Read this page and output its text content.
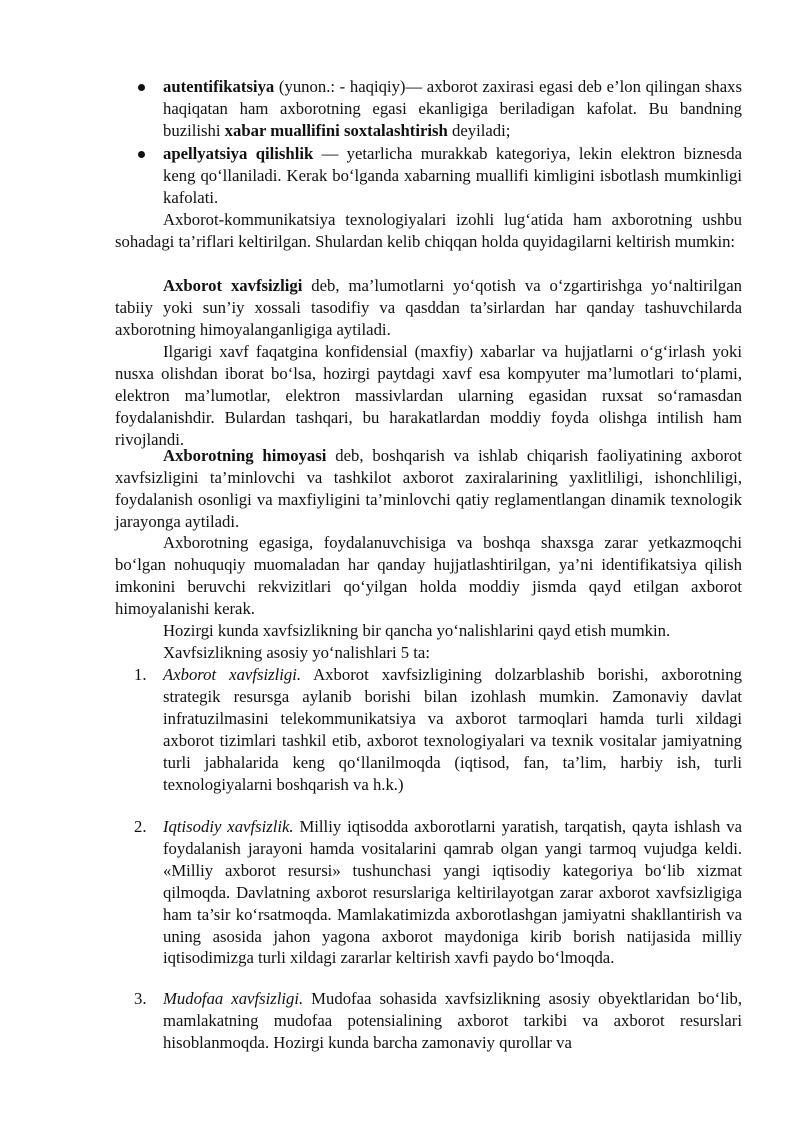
autentifikatsiya (yunon.: - haqiqiy)— axborot zaxirasi egasi deb e’lon qilingan shaxs haqiqatan ham axborotning egasi ekanligiga beriladigan kafolat. Bu bandning buzilishi xabar muallifini soxtalashtirish deyiladi;

apellyatsiya qilishlik — yetarlicha murakkab kategoriya, lekin elektron biznesda keng qo‘llaniladi. Kerak bo‘lganda xabarning muallifi kimligini isbotlash mumkinligi kafolati.

Axborot-kommunikatsiya texnologiyalari izohli lug‘atida ham axborotning ushbu sohadagi ta’riflari keltirilgan. Shulardan kelib chiqqan holda quyidagilarni keltirish mumkin:

Axborot xavfsizligi deb, ma’lumotlarni yo‘qotish va o‘zgartirishga yo‘naltirilgan tabiiy yoki sun’iy xossali tasodifiy va qasddan ta’sirlardan har qanday tashuvchilarda axborotning himoyalanganligiga aytiladi.

Ilgarigi xavf faqatgina konfidensial (maxfiy) xabarlar va hujjatlarni o‘g‘irlash yoki nusxa olishdan iborat bo‘lsa, hozirgi paytdagi xavf esa kompyuter ma’lumotlari to‘plami, elektron ma’lumotlar, elektron massivlardan ularning egasidan ruxsat so‘ramasdan foydalanishdir. Bulardan tashqari, bu harakatlardan moddiy foyda olishga intilish ham rivojlandi.

Axborotning himoyasi deb, boshqarish va ishlab chiqarish faoliyatining axborot xavfsizligini ta’minlovchi va tashkilot axborot zaxiralarining yaxlitliligi, ishonchliligi, foydalanish osonligi va maxfiyligini ta’minlovchi qatiy reglamentlangan dinamik texnologik jarayonga aytiladi.

Axborotning egasiga, foydalanuvchisiga va boshqa shaxsga zarar yetkazmoqchi bo‘lgan nohuquqiy muomaladan har qanday hujjatlashtirilgan, ya’ni identifikatsiya qilish imkonini beruvchi rekvizitlari qo‘yilgan holda moddiy jismda qayd etilgan axborot himoyalanishi kerak.

Hozirgi kunda xavfsizlikning bir qancha yo‘nalishlarini qayd etish mumkin.

Xavfsizlikning asosiy yo‘nalishlari 5 ta:

1. Axborot xavfsizligi. Axborot xavfsizligining dolzarblashib borishi, axborotning strategik resursga aylanib borishi bilan izohlash mumkin. Zamonaviy davlat infratuzilmasini telekommunikatsiya va axborot tarmoqlari hamda turli xildagi axborot tizimlari tashkil etib, axborot texnologiyalari va texnik vositalar jamiyatning turli jabhalarida keng qo‘llanilmoqda (iqtisod, fan, ta’lim, harbiy ish, turli texnologiyalarni boshqarish va h.k.)

2. Iqtisodiy xavfsizlik. Milliy iqtisodda axborotlarni yaratish, tarqatish, qayta ishlash va foydalanish jarayoni hamda vositalarini qamrab olgan yangi tarmoq vujudga keldi. «Milliy axborot resursi» tushunchasi yangi iqtisodiy kategoriya bo‘lib xizmat qilmoqda. Davlatning axborot resurslariga keltirilayotgan zarar axborot xavfsizligiga ham ta’sir ko‘rsatmoqda. Mamlakatimizda axborotlashgan jamiyatni shakllantirish va uning asosida jahon yagona axborot maydoniga kirib borish natijasida milliy iqtisodimizga turli xildagi zararlar keltirish xavfi paydo bo‘lmoqda.

3. Mudofaa xavfsizligi. Mudofaa sohasida xavfsizlikning asosiy obyektlaridan bo‘lib, mamlakatning mudofaa potensialining axborot tarkibi va axborot resurslari hisoblanmoqda. Hozirgi kunda barcha zamonaviy qurollar va
